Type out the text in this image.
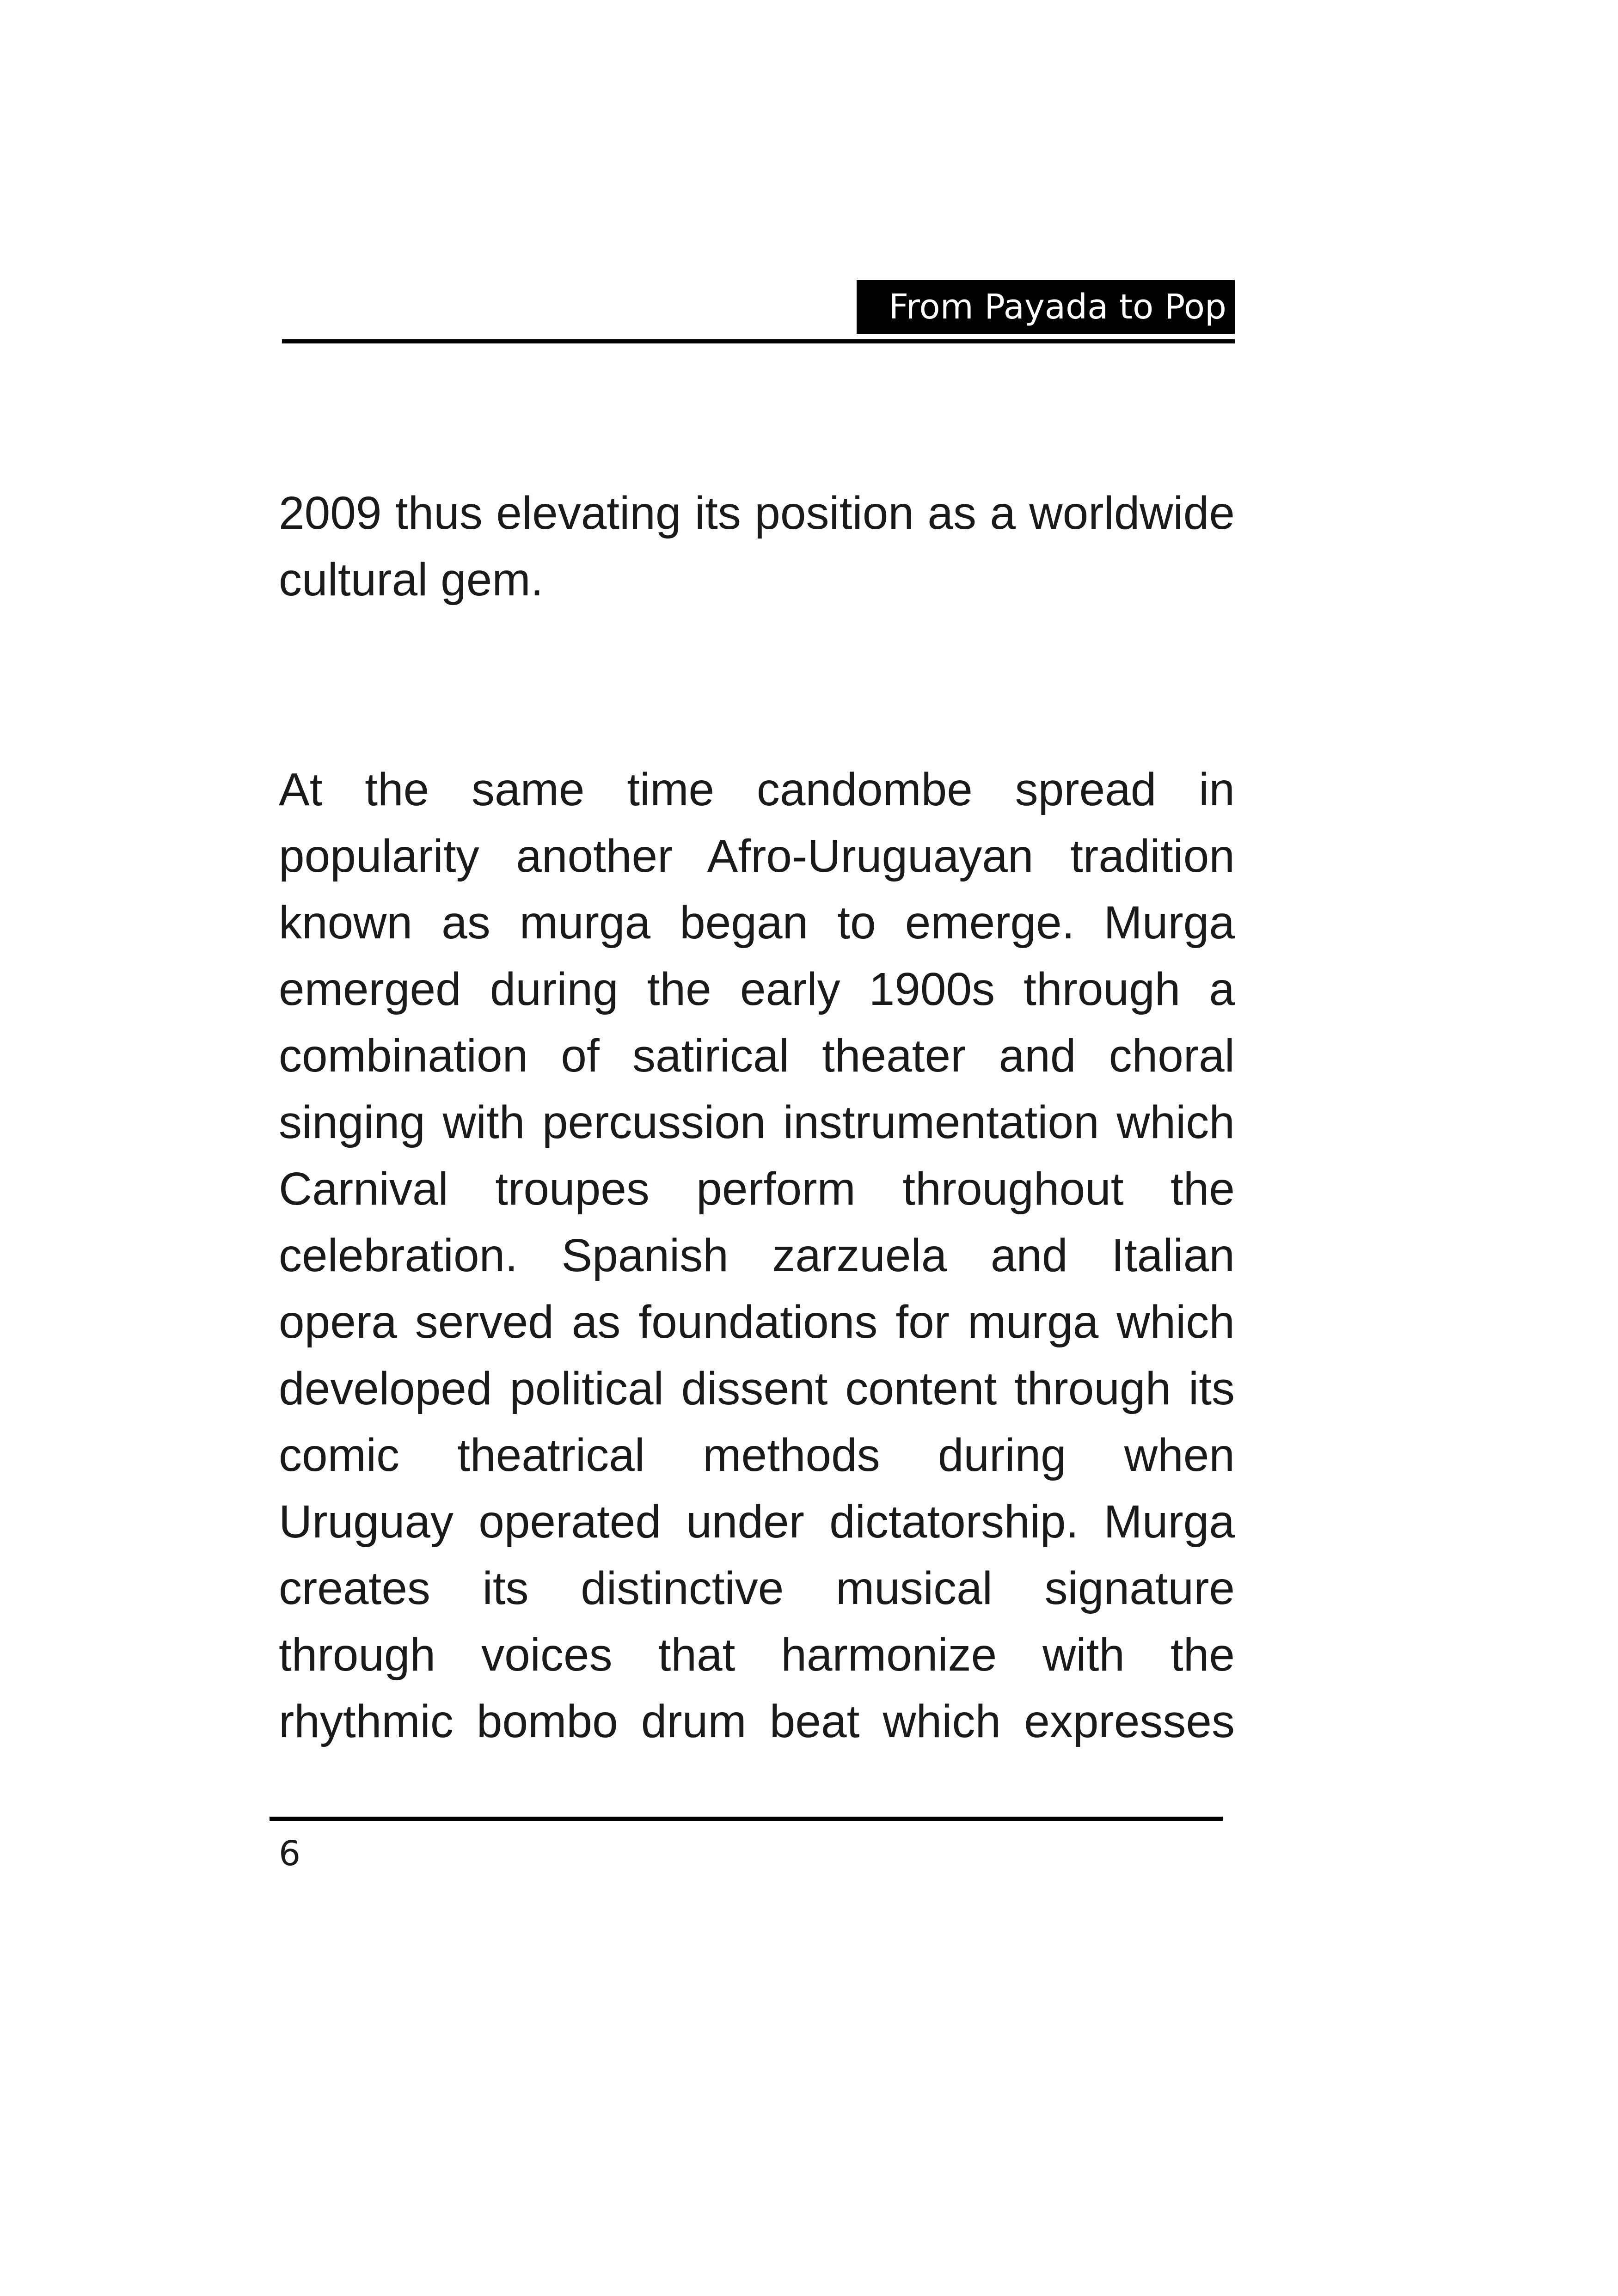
From Payada to Pop
2009 thus elevating its position as a worldwide
cultural gem.
At the same time candombe spread in
popularity another Afro-Uruguayan tradition
known as murga began to emerge. Murga
emerged during the early 1900s through a
combination of satirical theater and choral
singing with percussion instrumentation which
Carnival troupes perform throughout the
celebration. Spanish zarzuela and Italian
opera served as foundations for murga which
developed political dissent content through its
comic theatrical methods during when
Uruguay operated under dictatorship. Murga
creates its distinctive musical signature
through voices that harmonize with the
rhythmic bombo drum beat which expresses
6
